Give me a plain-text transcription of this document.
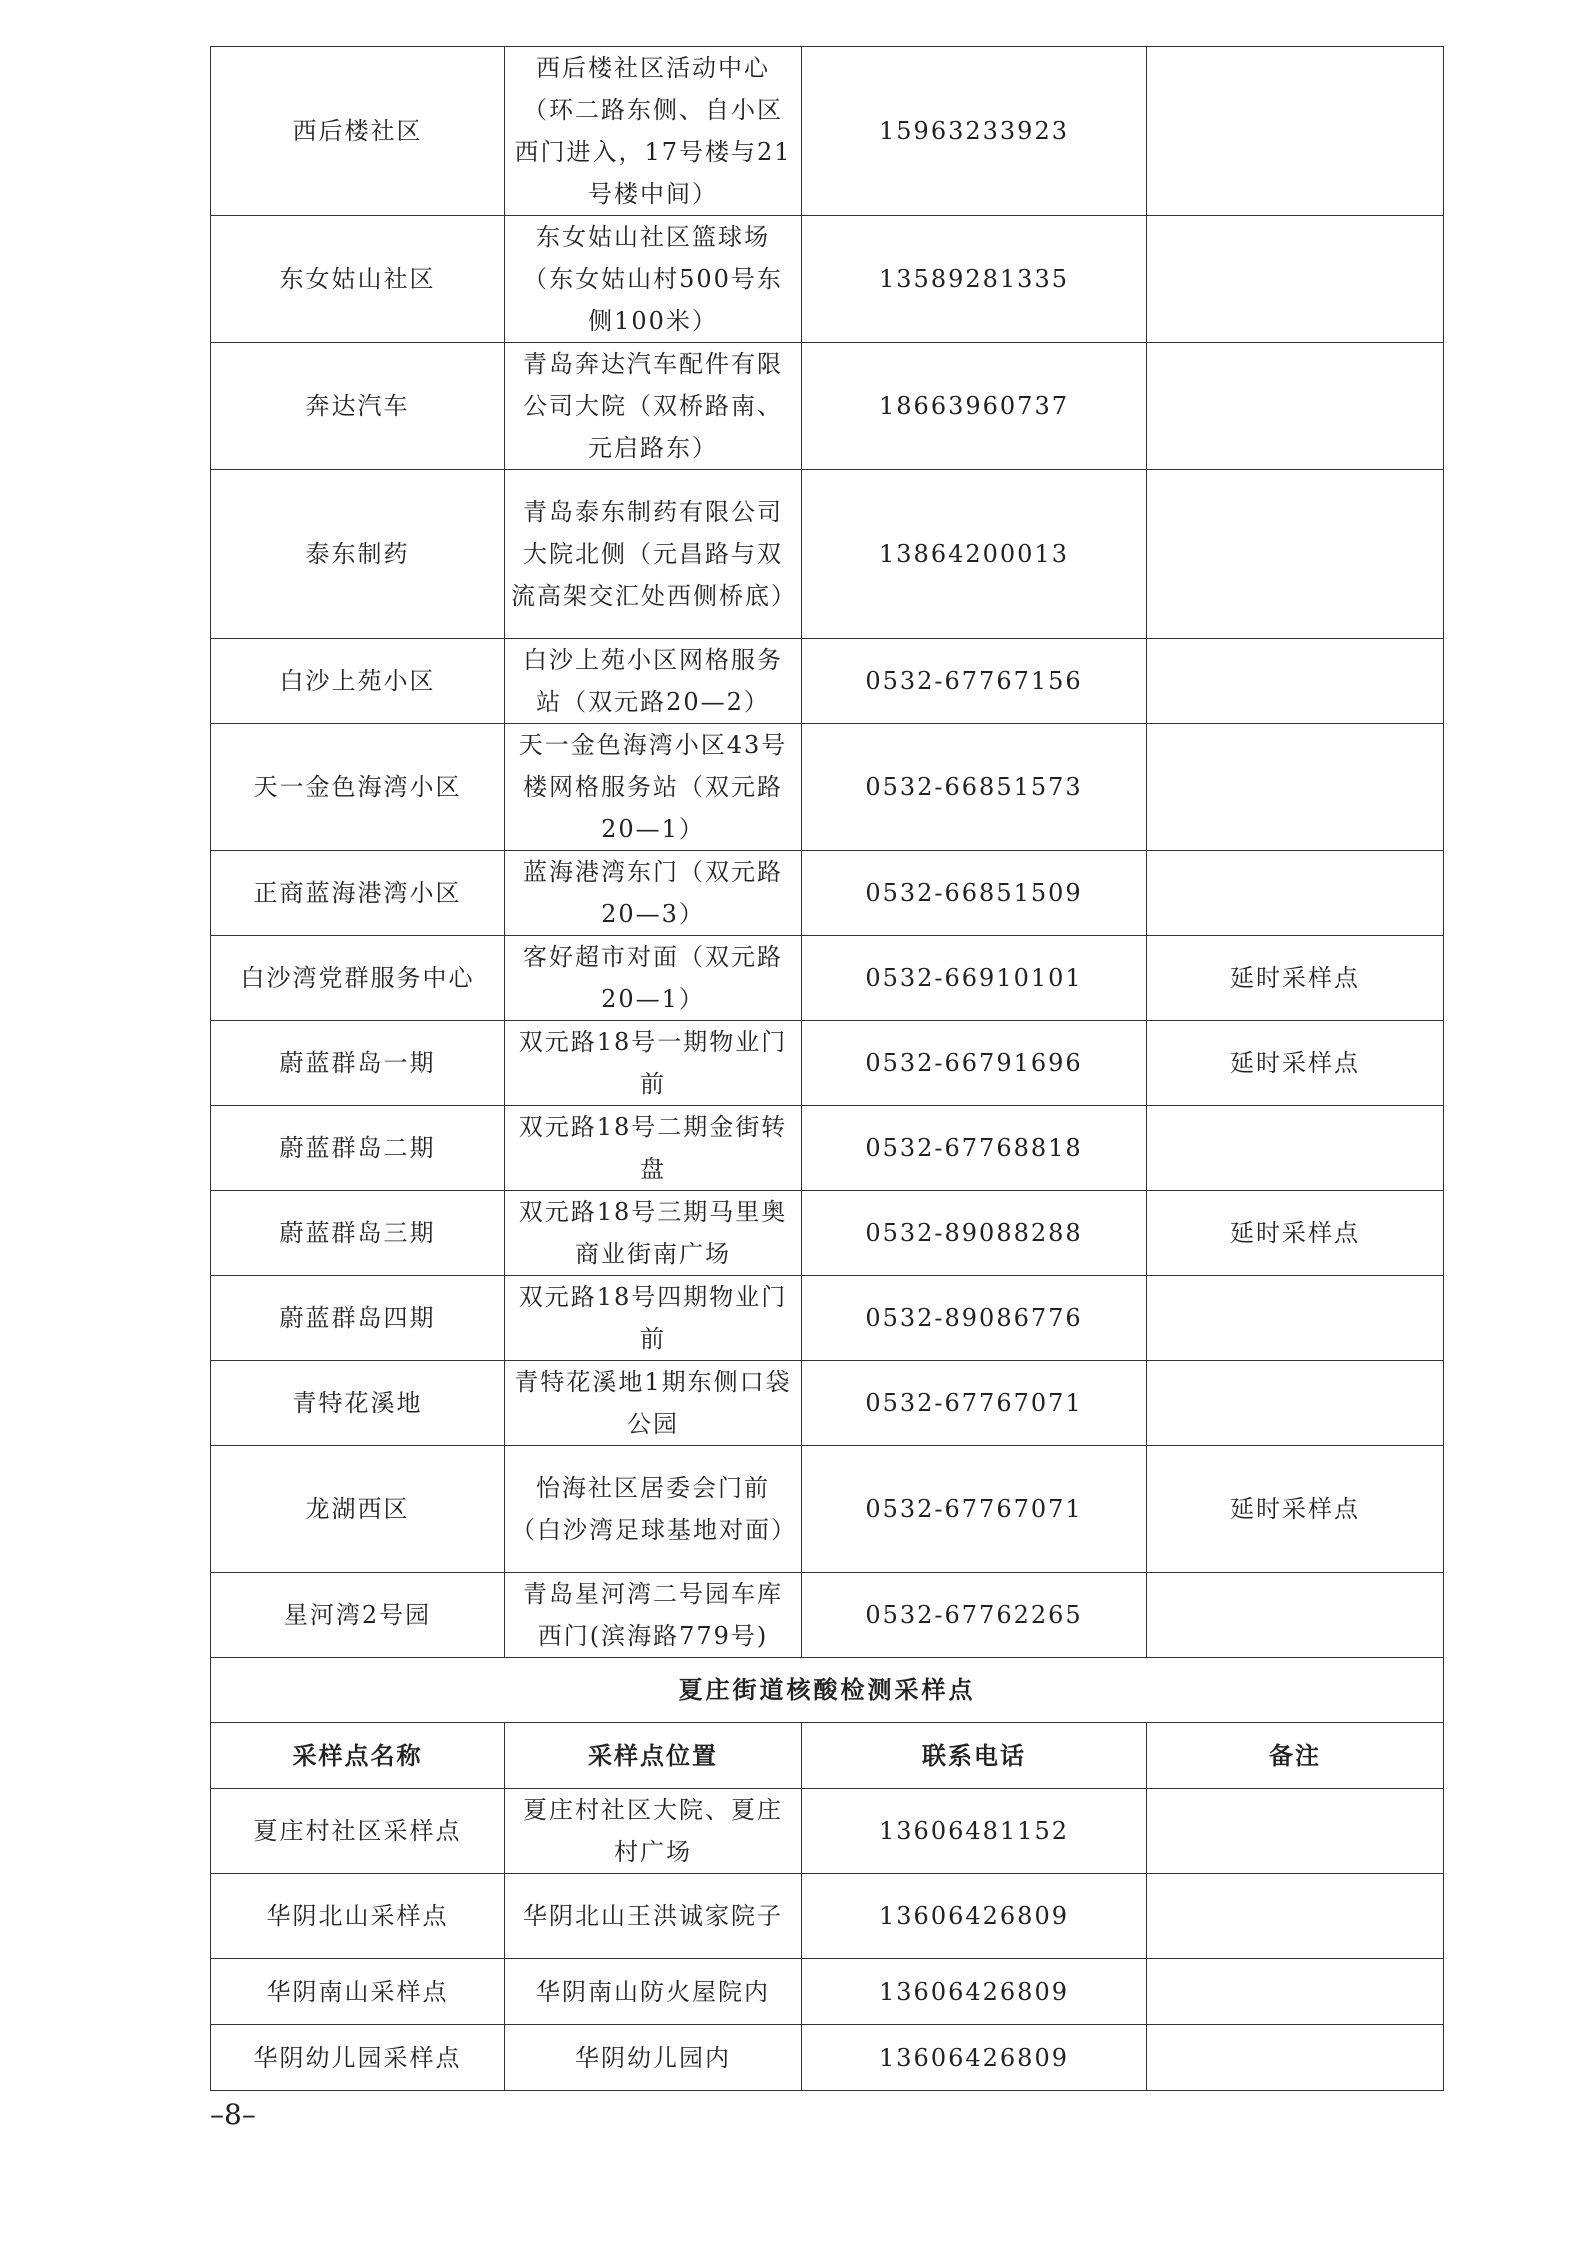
西后楼社区	西后楼社区活动中心（环二路东侧、自小区西门进入，17号楼与21号楼中间）	15963233923	
东女姑山社区	东女姑山社区篮球场（东女姑山村500号东侧100米）	13589281335	
奔达汽车	青岛奔达汽车配件有限公司大院（双桥路南、元启路东）	18663960737	
泰东制药	青岛泰东制药有限公司大院北侧（元昌路与双流高架交汇处西侧桥底）	13864200013	
白沙上苑小区	白沙上苑小区网格服务站（双元路20—2）	0532-67767156	
天一金色海湾小区	天一金色海湾小区43号楼网格服务站（双元路20—1）	0532-66851573	
正商蓝海港湾小区	蓝海港湾东门（双元路20—3）	0532-66851509	
白沙湾党群服务中心	客好超市对面（双元路20—1）	0532-66910101	延时采样点
蔚蓝群岛一期	双元路18号一期物业门前	0532-66791696	延时采样点
蔚蓝群岛二期	双元路18号二期金街转盘	0532-67768818	
蔚蓝群岛三期	双元路18号三期马里奥商业街南广场	0532-89088288	延时采样点
蔚蓝群岛四期	双元路18号四期物业门前	0532-89086776	
青特花溪地	青特花溪地1期东侧口袋公园	0532-67767071	
龙湖西区	怡海社区居委会门前（白沙湾足球基地对面）	0532-67767071	延时采样点
星河湾2号园	青岛星河湾二号园车库西门(滨海路779号)	0532-67762265	
夏庄街道核酸检测采样点			
采样点名称	采样点位置	联系电话	备注
夏庄村社区采样点	夏庄村社区大院、夏庄村广场	13606481152	
华阴北山采样点	华阴北山王洪诚家院子	13606426809	
华阴南山采样点	华阴南山防火屋院内	13606426809	
华阴幼儿园采样点	华阴幼儿园内	13606426809	
–8–
